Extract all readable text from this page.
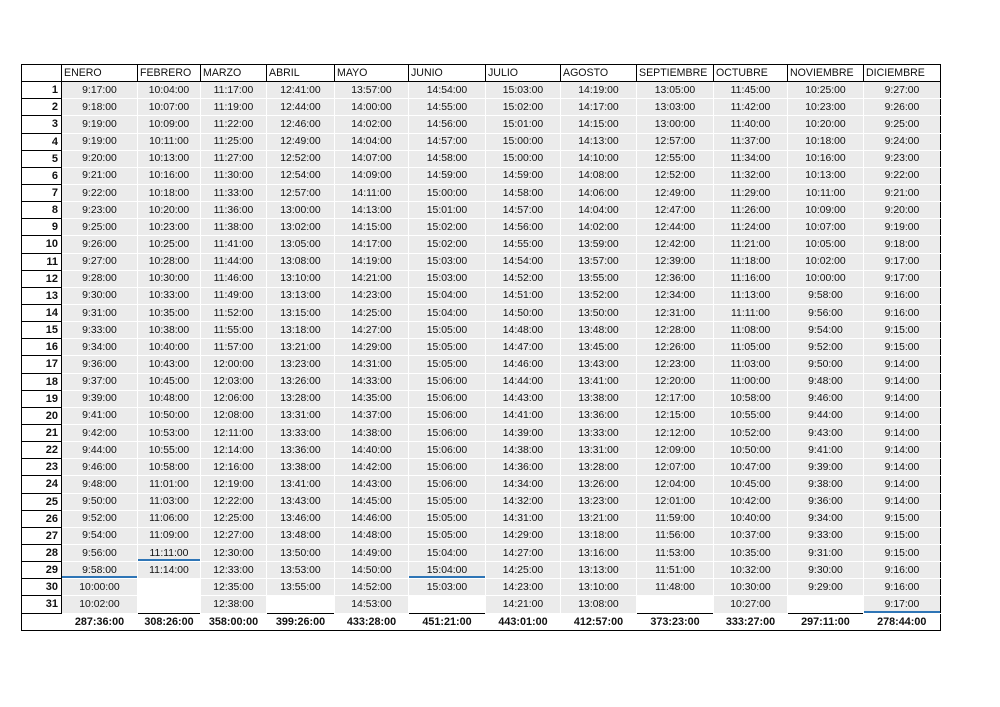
	ENERO	FEBRERO	MARZO	ABRIL	MAYO	JUNIO	JULIO	AGOSTO	SEPTIEMBRE	OCTUBRE	NOVIEMBRE	DICIEMBRE
1	9:17:00	10:04:00	11:17:00	12:41:00	13:57:00	14:54:00	15:03:00	14:19:00	13:05:00	11:45:00	10:25:00	9:27:00
2	9:18:00	10:07:00	11:19:00	12:44:00	14:00:00	14:55:00	15:02:00	14:17:00	13:03:00	11:42:00	10:23:00	9:26:00
3	9:19:00	10:09:00	11:22:00	12:46:00	14:02:00	14:56:00	15:01:00	14:15:00	13:00:00	11:40:00	10:20:00	9:25:00
4	9:19:00	10:11:00	11:25:00	12:49:00	14:04:00	14:57:00	15:00:00	14:13:00	12:57:00	11:37:00	10:18:00	9:24:00
5	9:20:00	10:13:00	11:27:00	12:52:00	14:07:00	14:58:00	15:00:00	14:10:00	12:55:00	11:34:00	10:16:00	9:23:00
6	9:21:00	10:16:00	11:30:00	12:54:00	14:09:00	14:59:00	14:59:00	14:08:00	12:52:00	11:32:00	10:13:00	9:22:00
7	9:22:00	10:18:00	11:33:00	12:57:00	14:11:00	15:00:00	14:58:00	14:06:00	12:49:00	11:29:00	10:11:00	9:21:00
8	9:23:00	10:20:00	11:36:00	13:00:00	14:13:00	15:01:00	14:57:00	14:04:00	12:47:00	11:26:00	10:09:00	9:20:00
9	9:25:00	10:23:00	11:38:00	13:02:00	14:15:00	15:02:00	14:56:00	14:02:00	12:44:00	11:24:00	10:07:00	9:19:00
10	9:26:00	10:25:00	11:41:00	13:05:00	14:17:00	15:02:00	14:55:00	13:59:00	12:42:00	11:21:00	10:05:00	9:18:00
11	9:27:00	10:28:00	11:44:00	13:08:00	14:19:00	15:03:00	14:54:00	13:57:00	12:39:00	11:18:00	10:02:00	9:17:00
12	9:28:00	10:30:00	11:46:00	13:10:00	14:21:00	15:03:00	14:52:00	13:55:00	12:36:00	11:16:00	10:00:00	9:17:00
13	9:30:00	10:33:00	11:49:00	13:13:00	14:23:00	15:04:00	14:51:00	13:52:00	12:34:00	11:13:00	9:58:00	9:16:00
14	9:31:00	10:35:00	11:52:00	13:15:00	14:25:00	15:04:00	14:50:00	13:50:00	12:31:00	11:11:00	9:56:00	9:16:00
15	9:33:00	10:38:00	11:55:00	13:18:00	14:27:00	15:05:00	14:48:00	13:48:00	12:28:00	11:08:00	9:54:00	9:15:00
16	9:34:00	10:40:00	11:57:00	13:21:00	14:29:00	15:05:00	14:47:00	13:45:00	12:26:00	11:05:00	9:52:00	9:15:00
17	9:36:00	10:43:00	12:00:00	13:23:00	14:31:00	15:05:00	14:46:00	13:43:00	12:23:00	11:03:00	9:50:00	9:14:00
18	9:37:00	10:45:00	12:03:00	13:26:00	14:33:00	15:06:00	14:44:00	13:41:00	12:20:00	11:00:00	9:48:00	9:14:00
19	9:39:00	10:48:00	12:06:00	13:28:00	14:35:00	15:06:00	14:43:00	13:38:00	12:17:00	10:58:00	9:46:00	9:14:00
20	9:41:00	10:50:00	12:08:00	13:31:00	14:37:00	15:06:00	14:41:00	13:36:00	12:15:00	10:55:00	9:44:00	9:14:00
21	9:42:00	10:53:00	12:11:00	13:33:00	14:38:00	15:06:00	14:39:00	13:33:00	12:12:00	10:52:00	9:43:00	9:14:00
22	9:44:00	10:55:00	12:14:00	13:36:00	14:40:00	15:06:00	14:38:00	13:31:00	12:09:00	10:50:00	9:41:00	9:14:00
23	9:46:00	10:58:00	12:16:00	13:38:00	14:42:00	15:06:00	14:36:00	13:28:00	12:07:00	10:47:00	9:39:00	9:14:00
24	9:48:00	11:01:00	12:19:00	13:41:00	14:43:00	15:06:00	14:34:00	13:26:00	12:04:00	10:45:00	9:38:00	9:14:00
25	9:50:00	11:03:00	12:22:00	13:43:00	14:45:00	15:05:00	14:32:00	13:23:00	12:01:00	10:42:00	9:36:00	9:14:00
26	9:52:00	11:06:00	12:25:00	13:46:00	14:46:00	15:05:00	14:31:00	13:21:00	11:59:00	10:40:00	9:34:00	9:15:00
27	9:54:00	11:09:00	12:27:00	13:48:00	14:48:00	15:05:00	14:29:00	13:18:00	11:56:00	10:37:00	9:33:00	9:15:00
28	9:56:00	11:11:00	12:30:00	13:50:00	14:49:00	15:04:00	14:27:00	13:16:00	11:53:00	10:35:00	9:31:00	9:15:00
29	9:58:00	11:14:00	12:33:00	13:53:00	14:50:00	15:04:00	14:25:00	13:13:00	11:51:00	10:32:00	9:30:00	9:16:00
30	10:00:00		12:35:00	13:55:00	14:52:00	15:03:00	14:23:00	13:10:00	11:48:00	10:30:00	9:29:00	9:16:00
31	10:02:00		12:38:00		14:53:00		14:21:00	13:08:00		10:27:00		9:17:00
	287:36:00	308:26:00	358:00:00	399:26:00	433:28:00	451:21:00	443:01:00	412:57:00	373:23:00	333:27:00	297:11:00	278:44:00
